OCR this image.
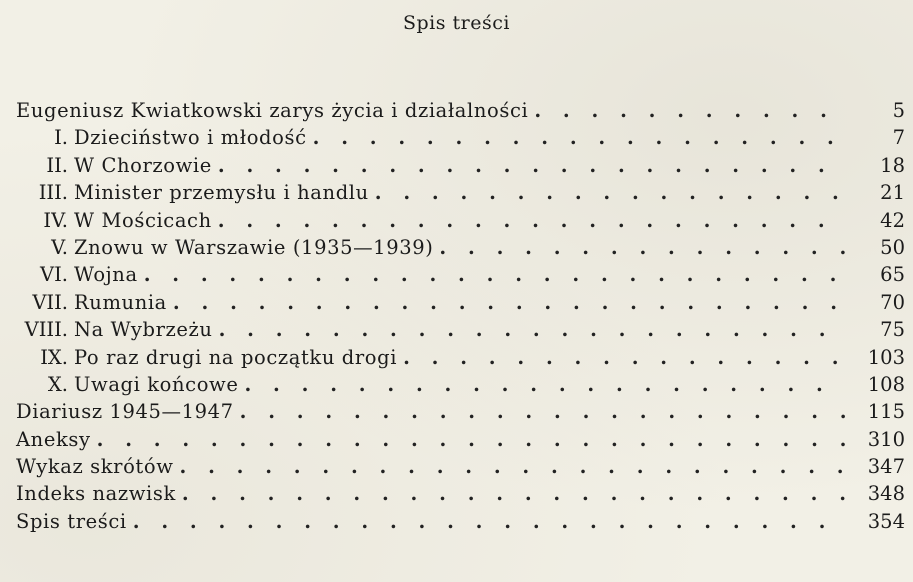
Spis treści
Eugeniusz Kwiatkowski zarys życia i działalności . . .	5
I. Dzieciństwo i młodość . . .	7
II. W Chorzowie . . .	18
III. Minister przemysłu i handlu . . .	21
IV. W Mościcach . . .	42
V. Znowu w Warszawie (1935—1939) . . .	50
VI. Wojna . . .	65
VII. Rumunia . . .	70
VIII. Na Wybrzeżu . . .	75
IX. Po raz drugi na początku drogi . . .	103
X. Uwagi końcowe . . .	108
Diariusz 1945—1947 . . .	115
Aneksy . . .	310
Wykaz skrótów . . .	347
Indeks nazwisk . . .	348
Spis treści . . .	354
